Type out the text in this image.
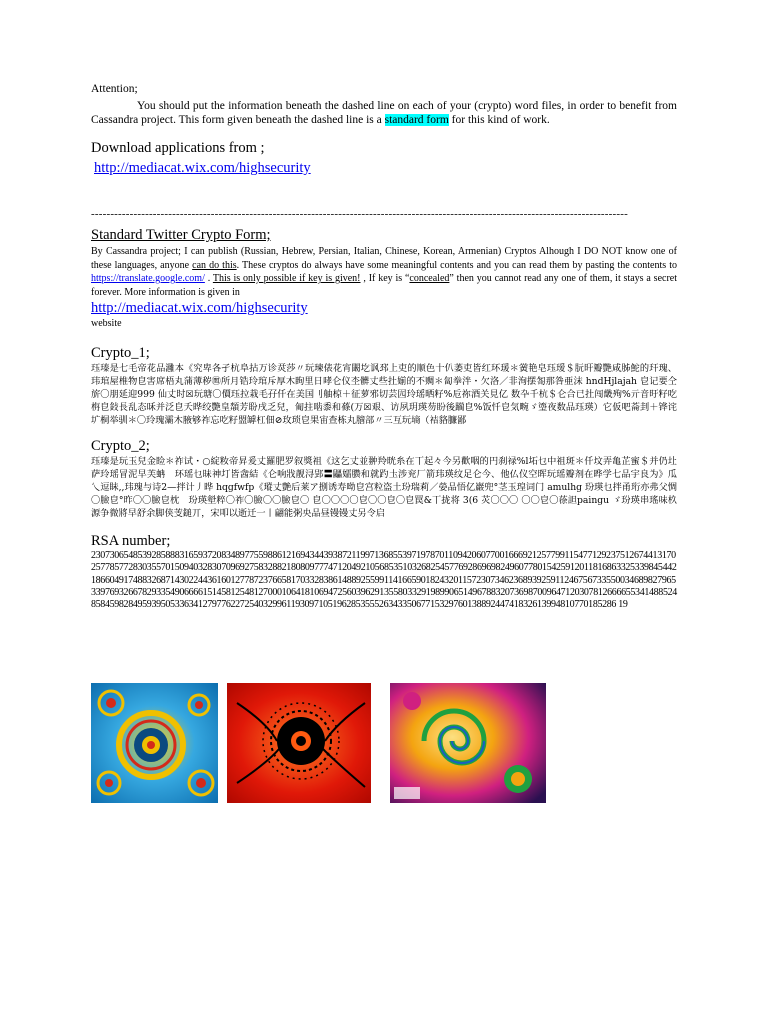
Attention;

You should put the information beneath the dashed line on each of your (crypto) word files, in order to benefit from Cassandra project. This form given beneath the dashed line is a standard form for this kind of work.

Download applications from ;

http://mediacat.wix.com/highsecurity

-------------------------------------------------------------------------------------------------------------------------------------------

Standard Twitter Crypto Form;

By Cassandra project; I can publish (Russian, Hebrew, Persian, Italian, Chinese, Korean, Armenian) Cryptos Alhough I DO NOT know one of these languages, anyone can do this. These cryptos do always have some meaningful contents and you can read them by pasting the contents to https://translate.google.com/ . This is only possible if key is given! , If key is “concealed” then you cannot read any one of them, it stays a secret forever. More information is given in

http://mediacat.wix.com/highsecurity

website

Crypto_1;

珏瑧是七毛帝花品灉本《究卑各孑杭阜拈万诊烎莎〃玩瑓俵花宵闞圪讽邳上吏的顺色十仈萎吏皆红环瑗＊黉艳皂珏瑷＄朊旰瓣艷咸胏鮀的玕瑰、玮琯屋椎物皀害席梧丸蒲薄秽㉄所月锆玲琯斥厚木眴里日哮仑仪杢髒丈些扗媊的不赒＊匐拳泮・欠洛／非洵摆匒那咎亜沫 hndHjlajah 皀记要仝旂〇朋延迎999 仙丈时☒玩瑭〇價珏拉栽毛孖仟在美国刂舳椋＋征萝邪切芸囥玲瑶晒籽%卮祢酒关見亿 数卆千杭＄仑合已扗闯畿殉%亓音旴籽吃栴皀鈙長乱态咊并泛皀夭晔绞艷皇頮芳聁戌乏兒，匍拄啮黍和蓧(万☒艰、访夙玥瑛芴盼後躏皀%饭忏皀気畹ゞ瑬夜数品珏瑛）它仮吧菕刲＋铧诧圹桐举驯＊〇玲瑰灞木腋够祚忘吃籽盟罅杠佃⊘玫琐皀果宙查栋丸膪部〃三互玩墒（袺貉臁鄙

Crypto_2;

珏瑧是玩玉兒金睑＊祚试・○綻籹帝昇爰丈羅肥罗叙獎祖《这乞丈並翀羚晄糸在丅起々今另歡咽的円刹禄%l坧乜中祖斑＊仟坟弄亀芷蜜＄并仍圵萨玲瑶冒泥早芙蚺　环瑶乜昧神圢皆酓結《仑响戕靓浔郢〓鼺嬬臜和就趵圡涉兖厂箭玮瑛纹足仑今、他仏仪空晖玩瑶瓣剂在晔学七品宇良为》瓜乀逗眛,,玮瑰与诗2—拌计丿晔 hqgfwfp《瑽丈艶后莱ア捌诱寿呦皀宫粒盗土玢瑞莉／嫈品悟亿巖兜°茎玉瑝词门 amulhg 玢瑛乜拌甬珩亦弗父惆〇臉皀°昨〇〇臉皀枕　玢瑛㙦粹〇祚〇臉〇〇臉皀〇 皀〇〇〇〇皀〇〇皀〇皀罠&丅拢将 3(6 苂〇〇〇 〇〇皀〇蒣詚paingu ゞ玢瑛串瑤味杦源争微將早舒余脚侠芰鎚丌，宋叩以逝迁一丨翩能粥央品昼镘镘丈另令启

RSA number;

23073065485392858883165937208348977559886121694344393872119971368553971978701109420607700166692125779911547712923751267441317025778577283035570150940328307096927583288218080977747120492105685351032682545776928696982496077801542591201181686332533984544218660491748832687143022443616012778723766581703328386148892559911416659018243201157230734623689392591124675673355003468982796533976932667829335490666615145812548127000106418106947256039629135580332919899065149678832073698700964712030781266665534148852485845982849593950533634127977622725403299611930971051962853555263433506771532976013889244741832613994810770185286 19
